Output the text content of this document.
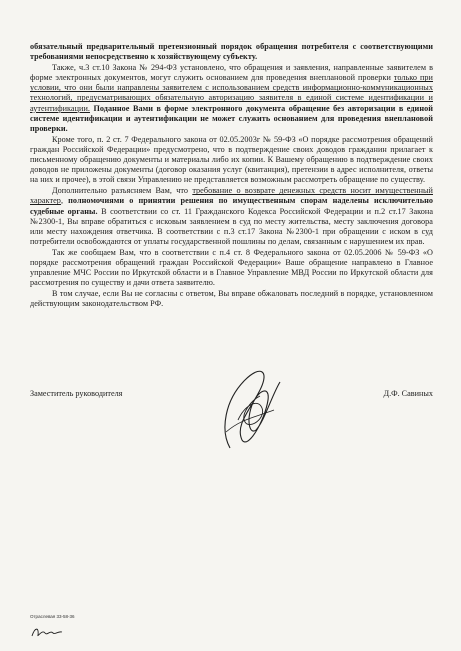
обязательный предварительный претензионный порядок обращения потребителя с соответствующими требованиями непосредственно к хозяйствующему субъекту.

Также, ч.3 ст.10 Закона № 294-ФЗ установлено, что обращения и заявления, направленные заявителем в форме электронных документов, могут служить основанием для проведения внеплановой проверки только при условии, что они были направлены заявителем с использованием средств информационно-коммуникационных технологий, предусматривающих обязательную авторизацию заявителя в единой системе идентификации и аутентификации. Поданное Вами в форме электронного документа обращение без авторизации в единой системе идентификации и аутентификации не может служить основанием для проведения внеплановой проверки.

Кроме того, п. 2 ст. 7 Федерального закона от 02.05.2003г № 59-ФЗ «О порядке рассмотрения обращений граждан Российской Федерации» предусмотрено, что в подтверждение своих доводов гражданин прилагает к письменному обращению документы и материалы либо их копии. К Вашему обращению в подтверждение своих доводов не приложены документы (договор оказания услуг (квитанция), претензии в адрес исполнителя, ответы на них и прочее), в этой связи Управлению не представляется возможным рассмотреть обращение по существу.

Дополнительно разъясняем Вам, что требование о возврате денежных средств носит имущественный характер, полномочиями о принятии решения по имущественным спорам наделены исключительно судебные органы. В соответствии со ст. 11 Гражданского Кодекса Российской Федерации и п.2 ст.17 Закона №2300-1, Вы вправе обратиться с исковым заявлением в суд по месту жительства, месту заключения договора или месту нахождения ответчика. В соответствии с п.3 ст.17 Закона №2300-1 при обращении с иском в суд потребители освобождаются от уплаты государственной пошлины по делам, связанным с нарушением их прав.

Так же сообщаем Вам, что в соответствии с п.4 ст. 8 Федерального закона от 02.05.2006 № 59-ФЗ «О порядке рассмотрения обращений граждан Российской Федерации» Ваше обращение направлено в Главное управление МЧС России по Иркутской области и в Главное Управление МВД России по Иркутской области для рассмотрения по существу и дачи ответа заявителю.

В том случае, если Вы не согласны с ответом, Вы вправе обжаловать последний в порядке, установленном действующим законодательством РФ.

Заместитель руководителя	Д.Ф. Савиных
Отраслевая 33-58-36
